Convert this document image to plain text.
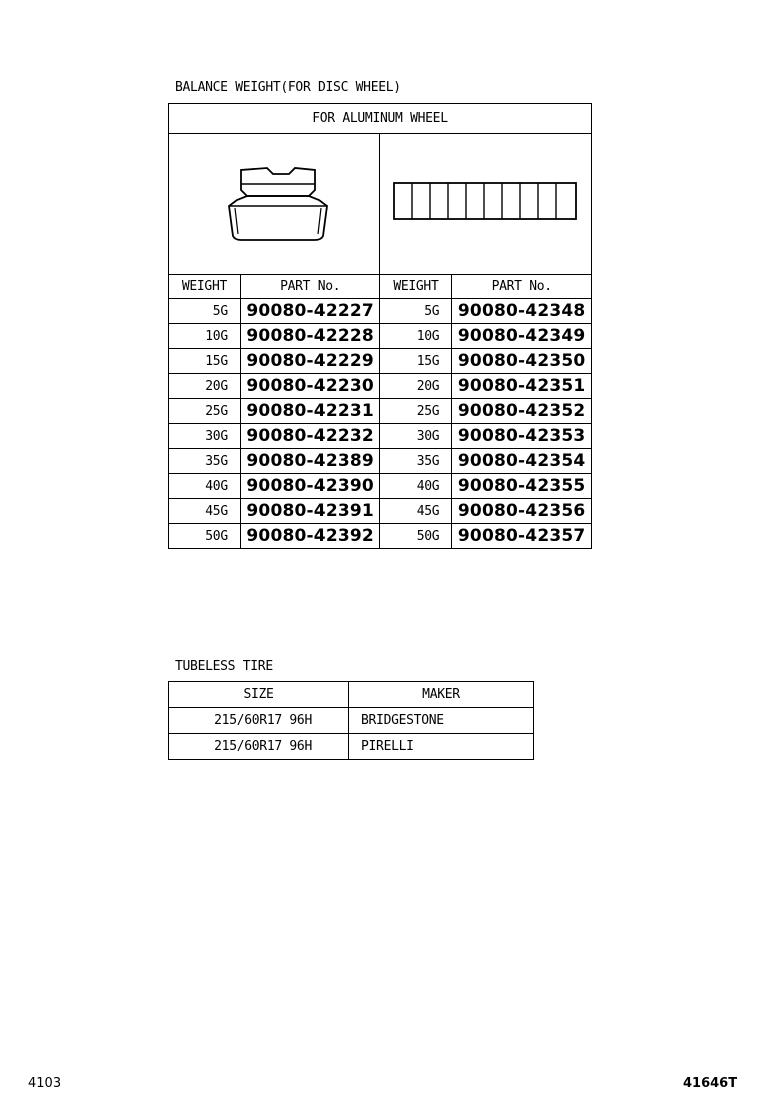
BALANCE WEIGHT(FOR DISC WHEEL)
FOR ALUMINUM WHEEL			

WEIGHT	PART No.	WEIGHT	PART No.
5G	90080-42227	5G	90080-42348
10G	90080-42228	10G	90080-42349
15G	90080-42229	15G	90080-42350
20G	90080-42230	20G	90080-42351
25G	90080-42231	25G	90080-42352
30G	90080-42232	30G	90080-42353
35G	90080-42389	35G	90080-42354
40G	90080-42390	40G	90080-42355
45G	90080-42391	45G	90080-42356
50G	90080-42392	50G	90080-42357
TUBELESS TIRE
SIZE	MAKER
215/60R17 96H	BRIDGESTONE
215/60R17 96H	PIRELLI
4103	41646T
